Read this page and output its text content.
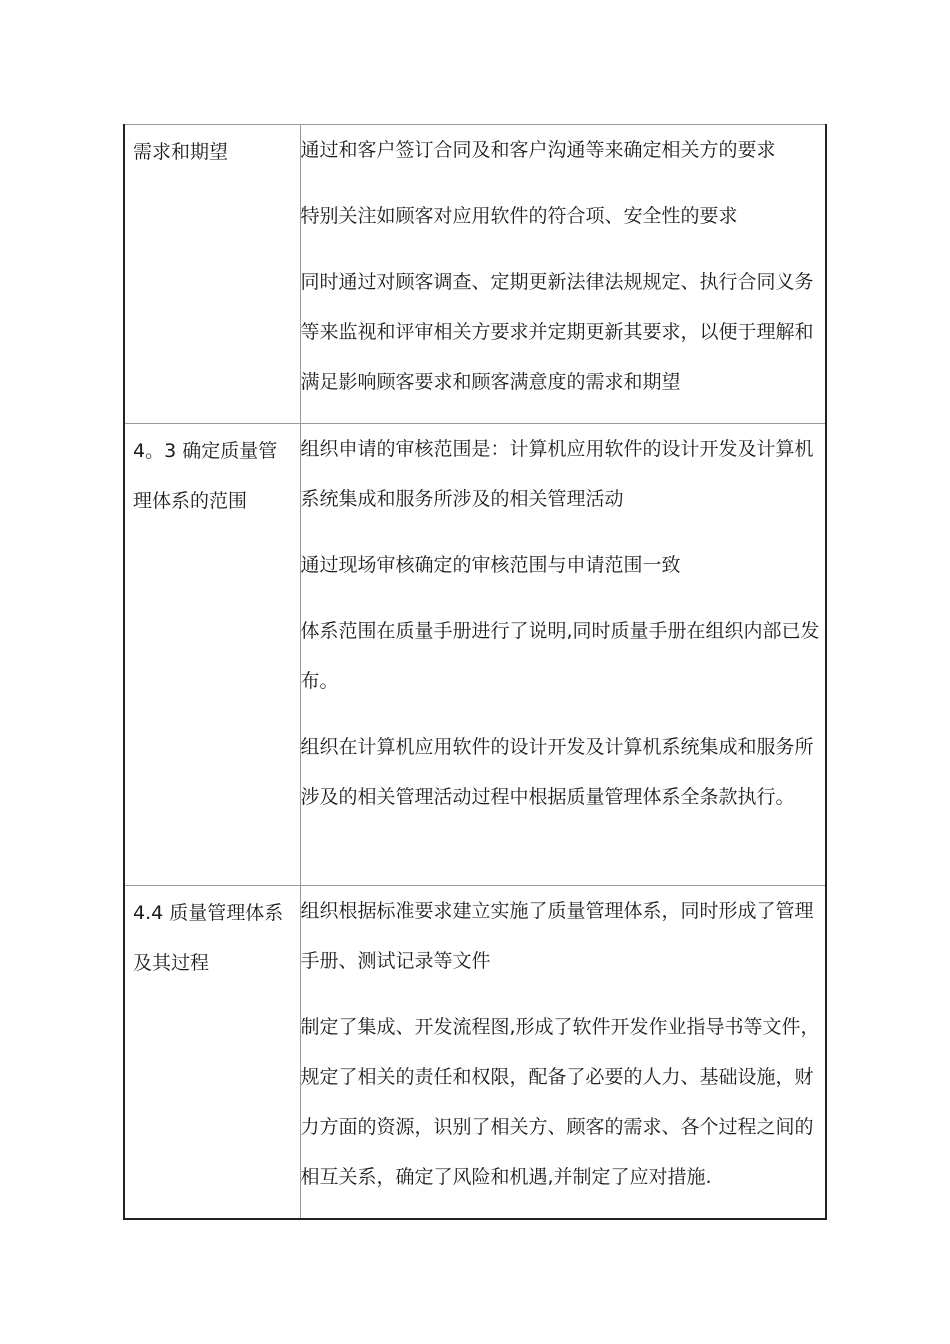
需求和期望	通过和客户签订合同及和客户沟通等来确定相关方的要求

特别关注如顾客对应用软件的符合项、安全性的要求

同时通过对顾客调查、定期更新法律法规规定、执行合同义务等来监视和评审相关方要求并定期更新其要求，以便于理解和满足影响顾客要求和顾客满意度的需求和期望

4。3 确定质量管理体系的范围	组织申请的审核范围是：计算机应用软件的设计开发及计算机系统集成和服务所涉及的相关管理活动

通过现场审核确定的审核范围与申请范围一致

体系范围在质量手册进行了说明,同时质量手册在组织内部已发布。

组织在计算机应用软件的设计开发及计算机系统集成和服务所涉及的相关管理活动过程中根据质量管理体系全条款执行。

4.4 质量管理体系及其过程	组织根据标准要求建立实施了质量管理体系，同时形成了管理手册、测试记录等文件

制定了集成、开发流程图,形成了软件开发作业指导书等文件，规定了相关的责任和权限，配备了必要的人力、基础设施，财力方面的资源，识别了相关方、顾客的需求、各个过程之间的相互关系，确定了风险和机遇,并制定了应对措施.
